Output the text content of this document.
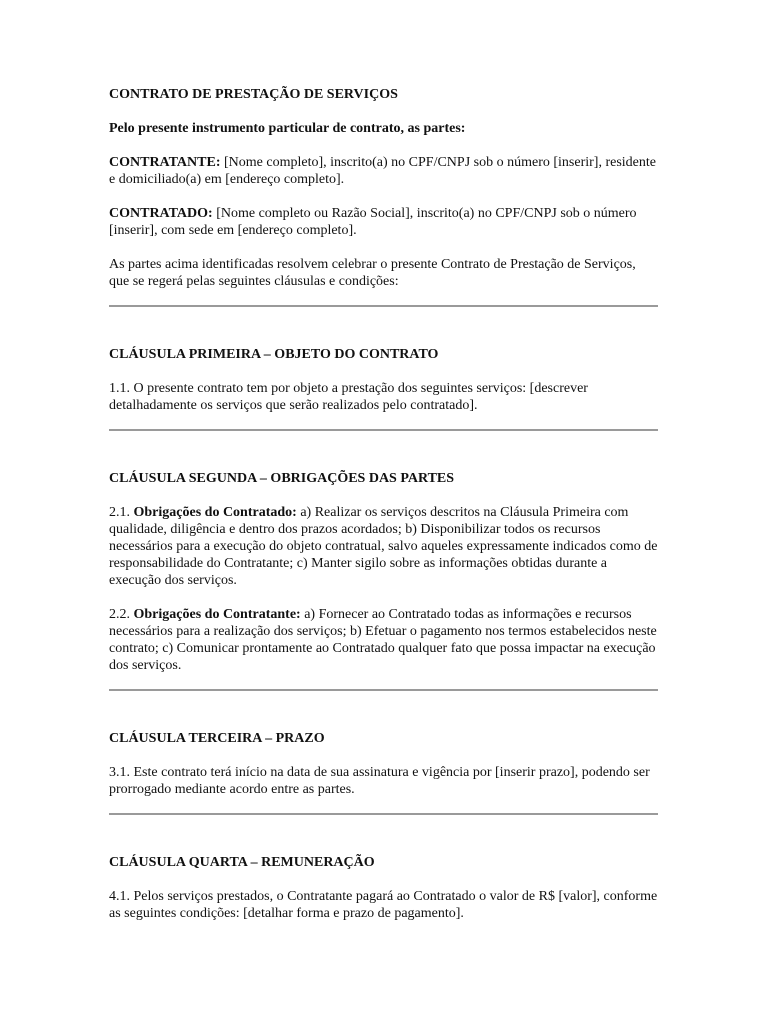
CONTRATO DE PRESTAÇÃO DE SERVIÇOS

Pelo presente instrumento particular de contrato, as partes:

CONTRATANTE: [Nome completo], inscrito(a) no CPF/CNPJ sob o número [inserir], residente e domiciliado(a) em [endereço completo].

CONTRATADO: [Nome completo ou Razão Social], inscrito(a) no CPF/CNPJ sob o número [inserir], com sede em [endereço completo].

As partes acima identificadas resolvem celebrar o presente Contrato de Prestação de Serviços, que se regerá pelas seguintes cláusulas e condições:

CLÁUSULA PRIMEIRA – OBJETO DO CONTRATO

1.1. O presente contrato tem por objeto a prestação dos seguintes serviços: [descrever detalhadamente os serviços que serão realizados pelo contratado].

CLÁUSULA SEGUNDA – OBRIGAÇÕES DAS PARTES

2.1. Obrigações do Contratado: a) Realizar os serviços descritos na Cláusula Primeira com qualidade, diligência e dentro dos prazos acordados; b) Disponibilizar todos os recursos necessários para a execução do objeto contratual, salvo aqueles expressamente indicados como de responsabilidade do Contratante; c) Manter sigilo sobre as informações obtidas durante a execução dos serviços.

2.2. Obrigações do Contratante: a) Fornecer ao Contratado todas as informações e recursos necessários para a realização dos serviços; b) Efetuar o pagamento nos termos estabelecidos neste contrato; c) Comunicar prontamente ao Contratado qualquer fato que possa impactar na execução dos serviços.

CLÁUSULA TERCEIRA – PRAZO

3.1. Este contrato terá início na data de sua assinatura e vigência por [inserir prazo], podendo ser prorrogado mediante acordo entre as partes.

CLÁUSULA QUARTA – REMUNERAÇÃO

4.1. Pelos serviços prestados, o Contratante pagará ao Contratado o valor de R$ [valor], conforme as seguintes condições: [detalhar forma e prazo de pagamento].
